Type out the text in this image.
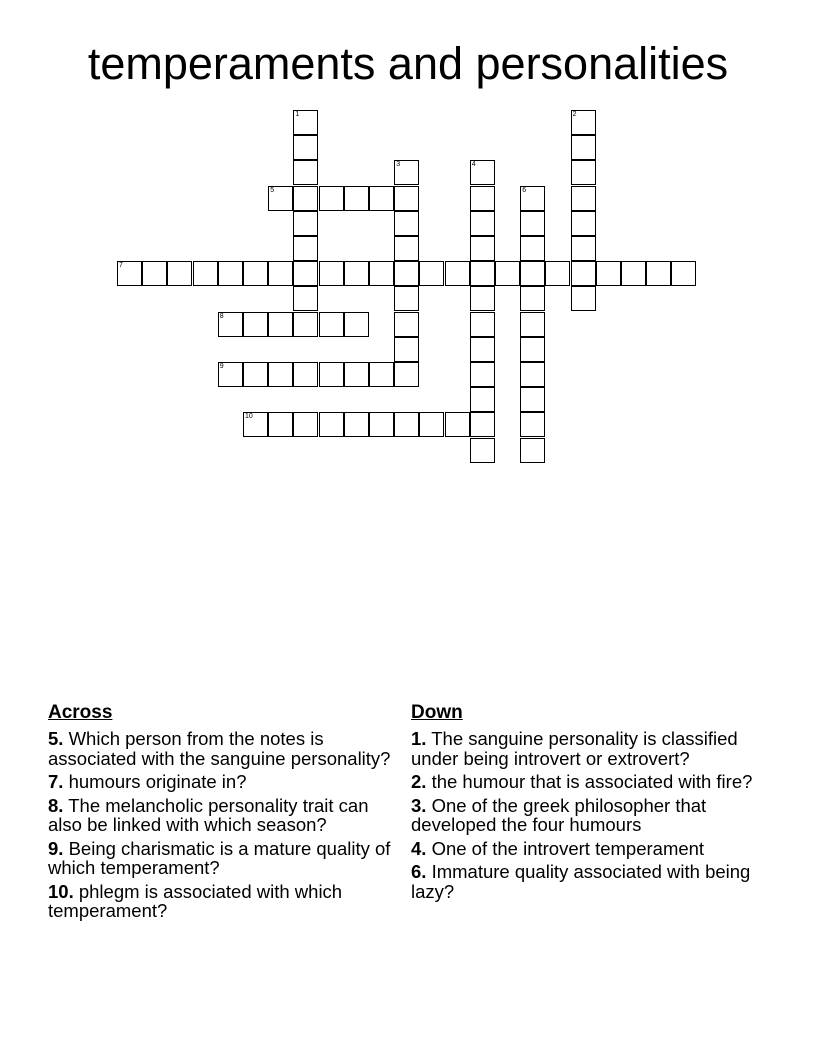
temperaments and personalities
1	2
3	4
5	6
7
8
9
10
Across
5. Which person from the notes is associated with the sanguine personality?
7. humours originate in?
8. The melancholic personality trait can also be linked with which season?
9. Being charismatic is a mature quality of which temperament?
10. phlegm is associated with which temperament?
Down
1. The sanguine personality is classified under being introvert or extrovert?
2. the humour that is associated with fire?
3. One of the greek philosopher that developed the four humours
4. One of the introvert temperament
6. Immature quality associated with being lazy?
